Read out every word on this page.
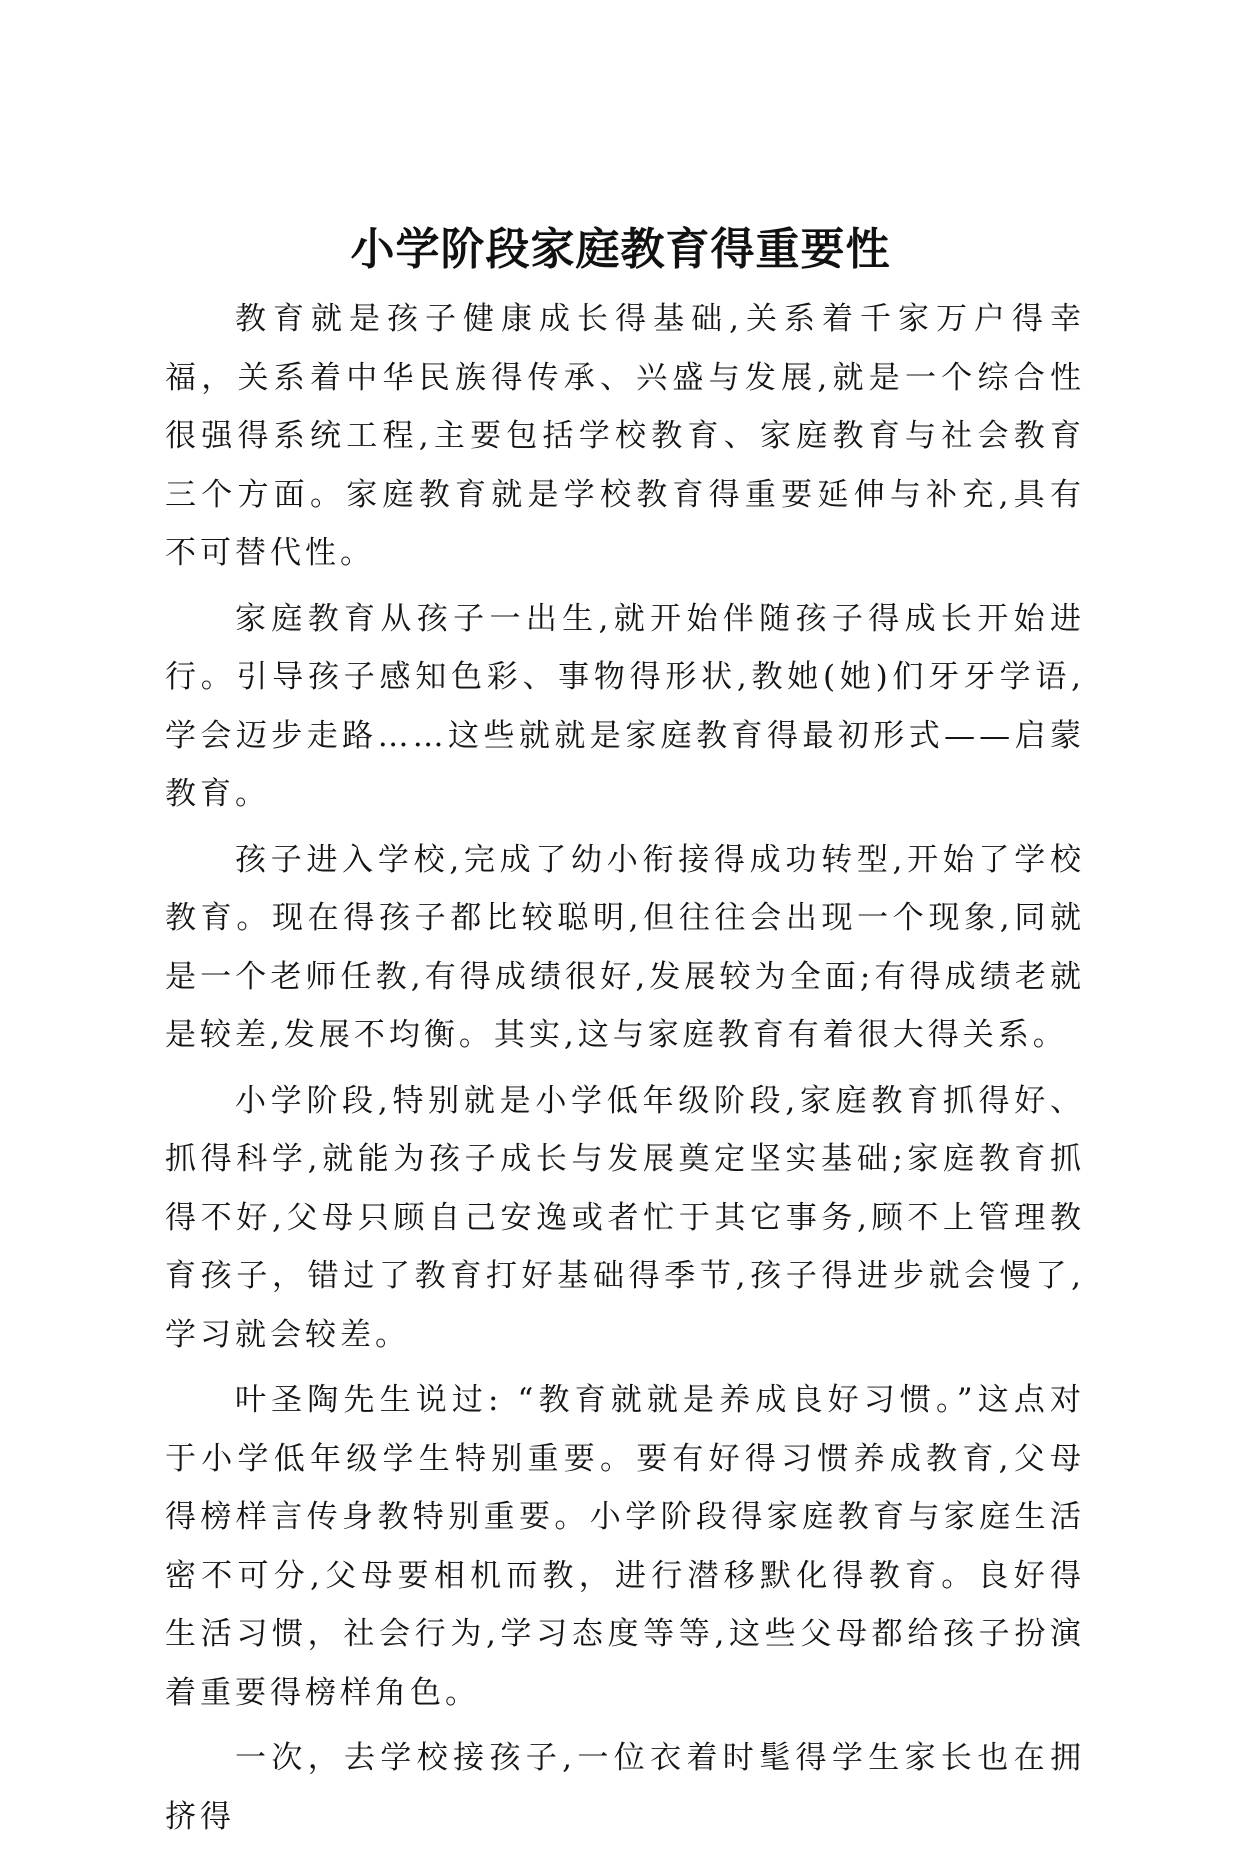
小学阶段家庭教育得重要性

教育就是孩子健康成长得基础,关系着千家万户得幸福，关系着中华民族得传承、兴盛与发展,就是一个综合性很强得系统工程,主要包括学校教育、家庭教育与社会教育三个方面。家庭教育就是学校教育得重要延伸与补充,具有不可替代性。

家庭教育从孩子一出生,就开始伴随孩子得成长开始进行。引导孩子感知色彩、事物得形状,教她(她)们牙牙学语,学会迈步走路……这些就就是家庭教育得最初形式——启蒙教育。

孩子进入学校,完成了幼小衔接得成功转型,开始了学校教育。现在得孩子都比较聪明,但往往会出现一个现象,同就是一个老师任教,有得成绩很好,发展较为全面;有得成绩老就是较差,发展不均衡。其实,这与家庭教育有着很大得关系。

小学阶段,特别就是小学低年级阶段,家庭教育抓得好、抓得科学,就能为孩子成长与发展奠定坚实基础;家庭教育抓得不好,父母只顾自己安逸或者忙于其它事务,顾不上管理教育孩子，错过了教育打好基础得季节,孩子得进步就会慢了,学习就会较差。

叶圣陶先生说过: “教育就就是养成良好习惯。”这点对于小学低年级学生特别重要。要有好得习惯养成教育,父母得榜样言传身教特别重要。小学阶段得家庭教育与家庭生活密不可分,父母要相机而教，进行潜移默化得教育。良好得生活习惯，社会行为,学习态度等等,这些父母都给孩子扮演着重要得榜样角色。

一次，去学校接孩子,一位衣着时髦得学生家长也在拥挤得
